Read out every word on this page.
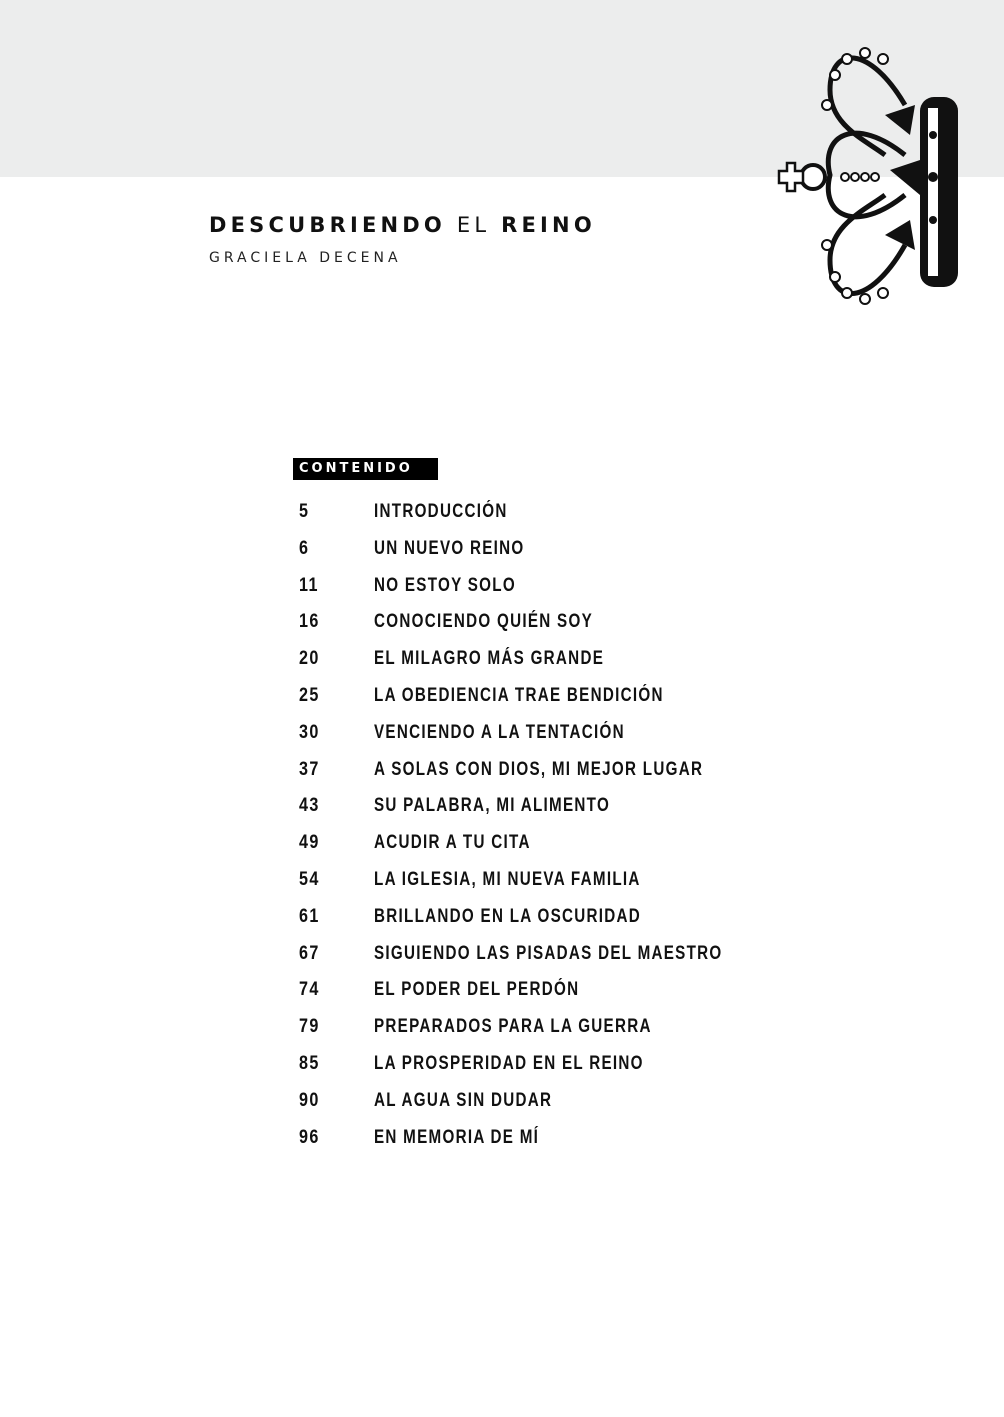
DESCUBRIENDO EL REINO
GRACIELA DECENA
CONTENIDO
5	INTRODUCCIÓN
6	UN NUEVO REINO
11	NO ESTOY SOLO
16	CONOCIENDO QUIÉN SOY
20	EL MILAGRO MÁS GRANDE
25	LA OBEDIENCIA TRAE BENDICIÓN
30	VENCIENDO A LA TENTACIÓN
37	A SOLAS CON DIOS, MI MEJOR LUGAR
43	SU PALABRA, MI ALIMENTO
49	ACUDIR A TU CITA
54	LA IGLESIA, MI NUEVA FAMILIA
61	BRILLANDO EN LA OSCURIDAD
67	SIGUIENDO LAS PISADAS DEL MAESTRO
74	EL PODER DEL PERDÓN
79	PREPARADOS PARA LA GUERRA
85	LA PROSPERIDAD EN EL REINO
90	AL AGUA SIN DUDAR
96	EN MEMORIA DE MÍ
